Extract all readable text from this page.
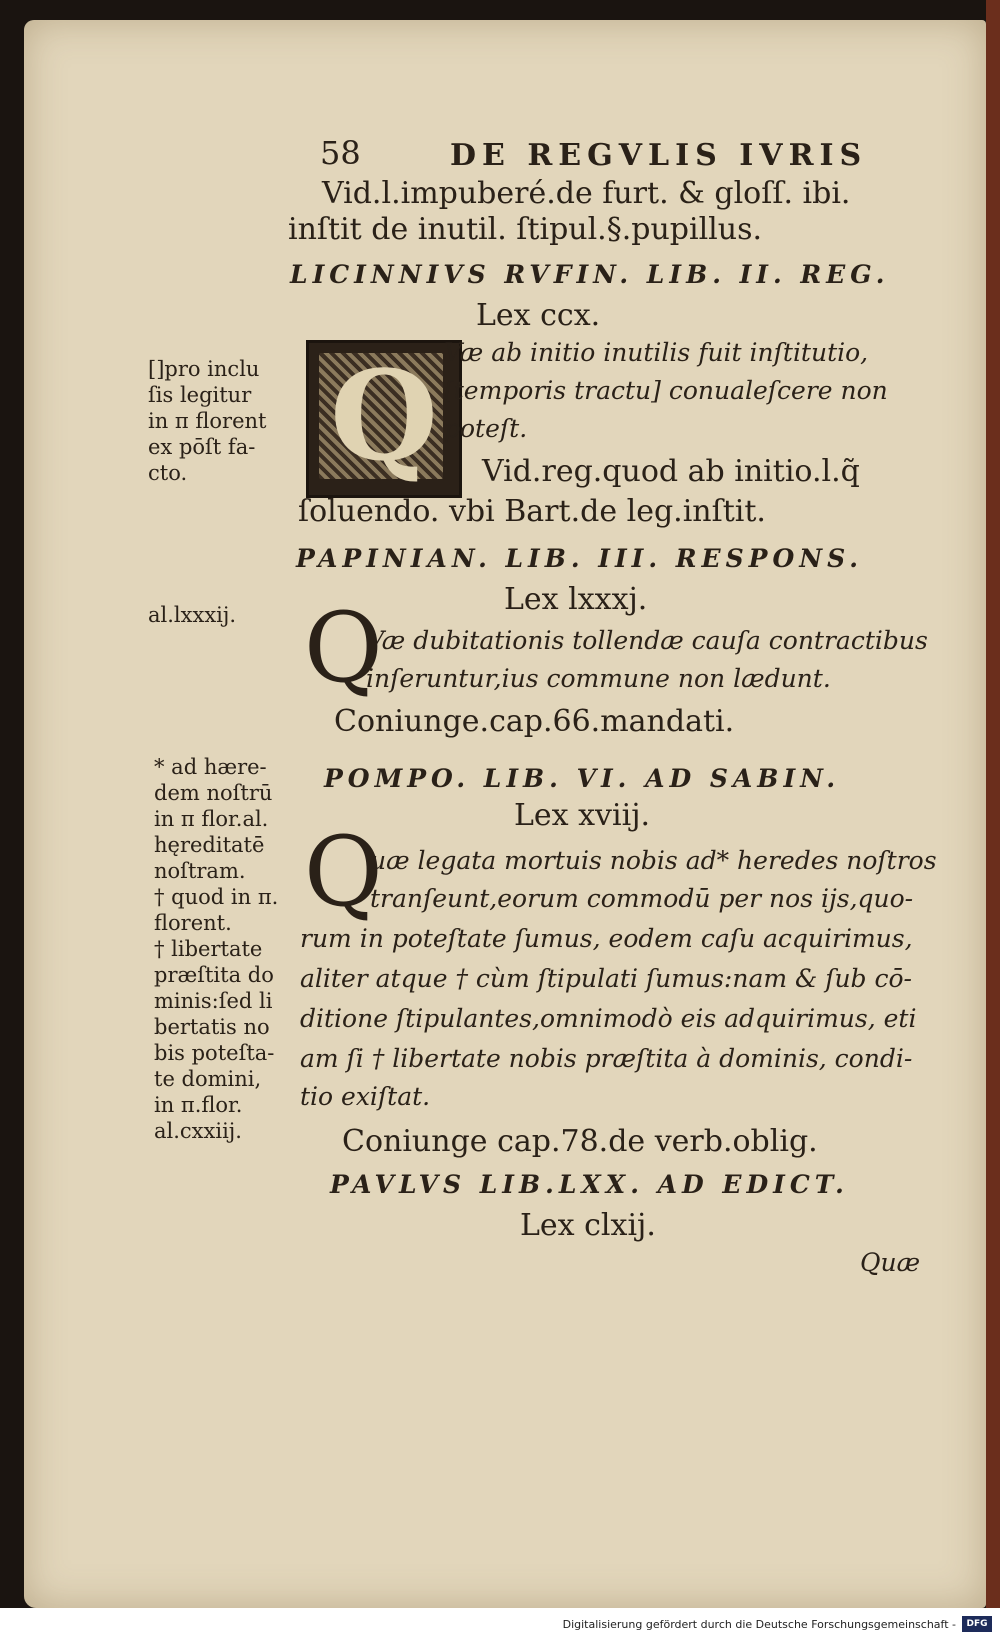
58	DE REGVLIS IVRIS
Vid.l.impuberé.de furt. & gloſſ. ibi.
inſtit de inutil. ſtipul.§.pupillus.
LICINNIVS RVFIN. LIB. II. REG.
Lex ccx.
Q Væ ab initio inutilis fuit inſtitutio,
[temporis tractu] conualeſcere non
poteſt.
Vid.reg.quod ab initio.l.q̃
ſoluendo. vbi Bart.de leg.inſtit.
[]pro inclu
ſis legitur
in π florent
ex pōſt fa-
cto.
PAPINIAN. LIB. III. RESPONS.
Lex lxxxj.
al.lxxxij. Q
Væ dubitationis tollendæ cauſa contractibus
inſeruntur,ius commune non lædunt.
Coniunge.cap.66.mandati.
POMPO. LIB. VI. AD SABIN.
Lex xviij.
Q
uæ legata mortuis nobis ad* heredes noſtros
tranſeunt,eorum commodū per nos ijs,quo-
rum in poteſtate ſumus, eodem caſu acquirimus,
aliter atque † cùm ſtipulati ſumus:nam & ſub cō-
ditione ſtipulantes,omnimodò eis adquirimus, eti
am ſi † libertate nobis præſtita à dominis, condi-
tio exiſtat.
Coniunge cap.78.de verb.oblig.
* ad hære-
dem noſtrū
in π flor.al.
hęreditatē
noſtram.
† quod in π.
florent.
† libertate
præſtita do
minis:ſed li
bertatis no
bis poteſta-
te domini,
in π.flor.
al.cxxiij.
PAVLVS LIB.LXX. AD EDICT.
Lex clxij.
Quæ
Digitalisierung gefördert durch die Deutsche Forschungsgemeinschaft -	DFG
